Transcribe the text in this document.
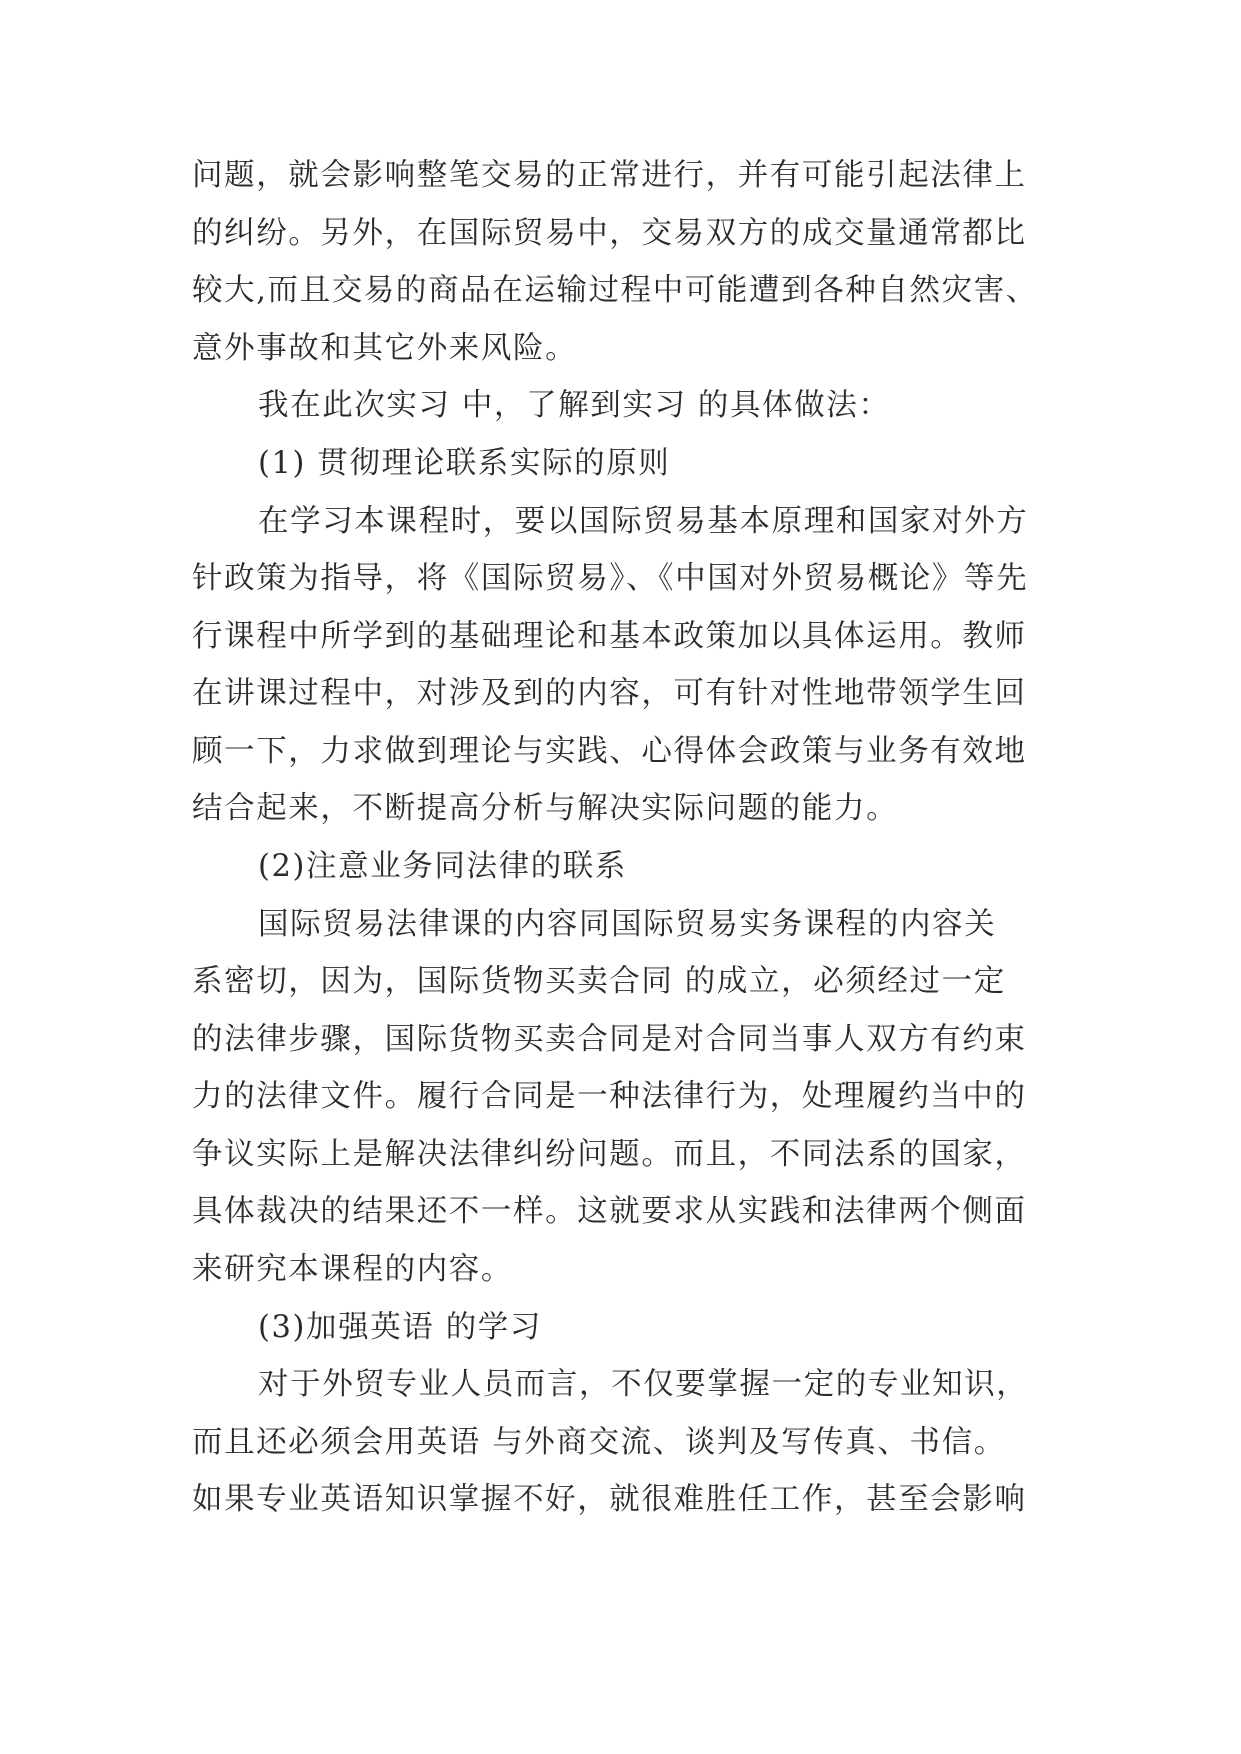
问题，就会影响整笔交易的正常进行，并有可能引起法律上
的纠纷。另外，在国际贸易中，交易双方的成交量通常都比
较大,而且交易的商品在运输过程中可能遭到各种自然灾害、
意外事故和其它外来风险。
我在此次实习 中，了解到实习 的具体做法：
(1) 贯彻理论联系实际的原则
在学习本课程时，要以国际贸易基本原理和国家对外方
针政策为指导，将《国际贸易》、《中国对外贸易概论》等先
行课程中所学到的基础理论和基本政策加以具体运用。教师
在讲课过程中，对涉及到的内容，可有针对性地带领学生回
顾一下，力求做到理论与实践、心得体会政策与业务有效地
结合起来，不断提高分析与解决实际问题的能力。
(2)注意业务同法律的联系
国际贸易法律课的内容同国际贸易实务课程的内容关
系密切，因为，国际货物买卖合同 的成立，必须经过一定
的法律步骤，国际货物买卖合同是对合同当事人双方有约束
力的法律文件。履行合同是一种法律行为，处理履约当中的
争议实际上是解决法律纠纷问题。而且，不同法系的国家，
具体裁决的结果还不一样。这就要求从实践和法律两个侧面
来研究本课程的内容。
(3)加强英语 的学习
对于外贸专业人员而言，不仅要掌握一定的专业知识，
而且还必须会用英语 与外商交流、谈判及写传真、书信。
如果专业英语知识掌握不好，就很难胜任工作，甚至会影响
